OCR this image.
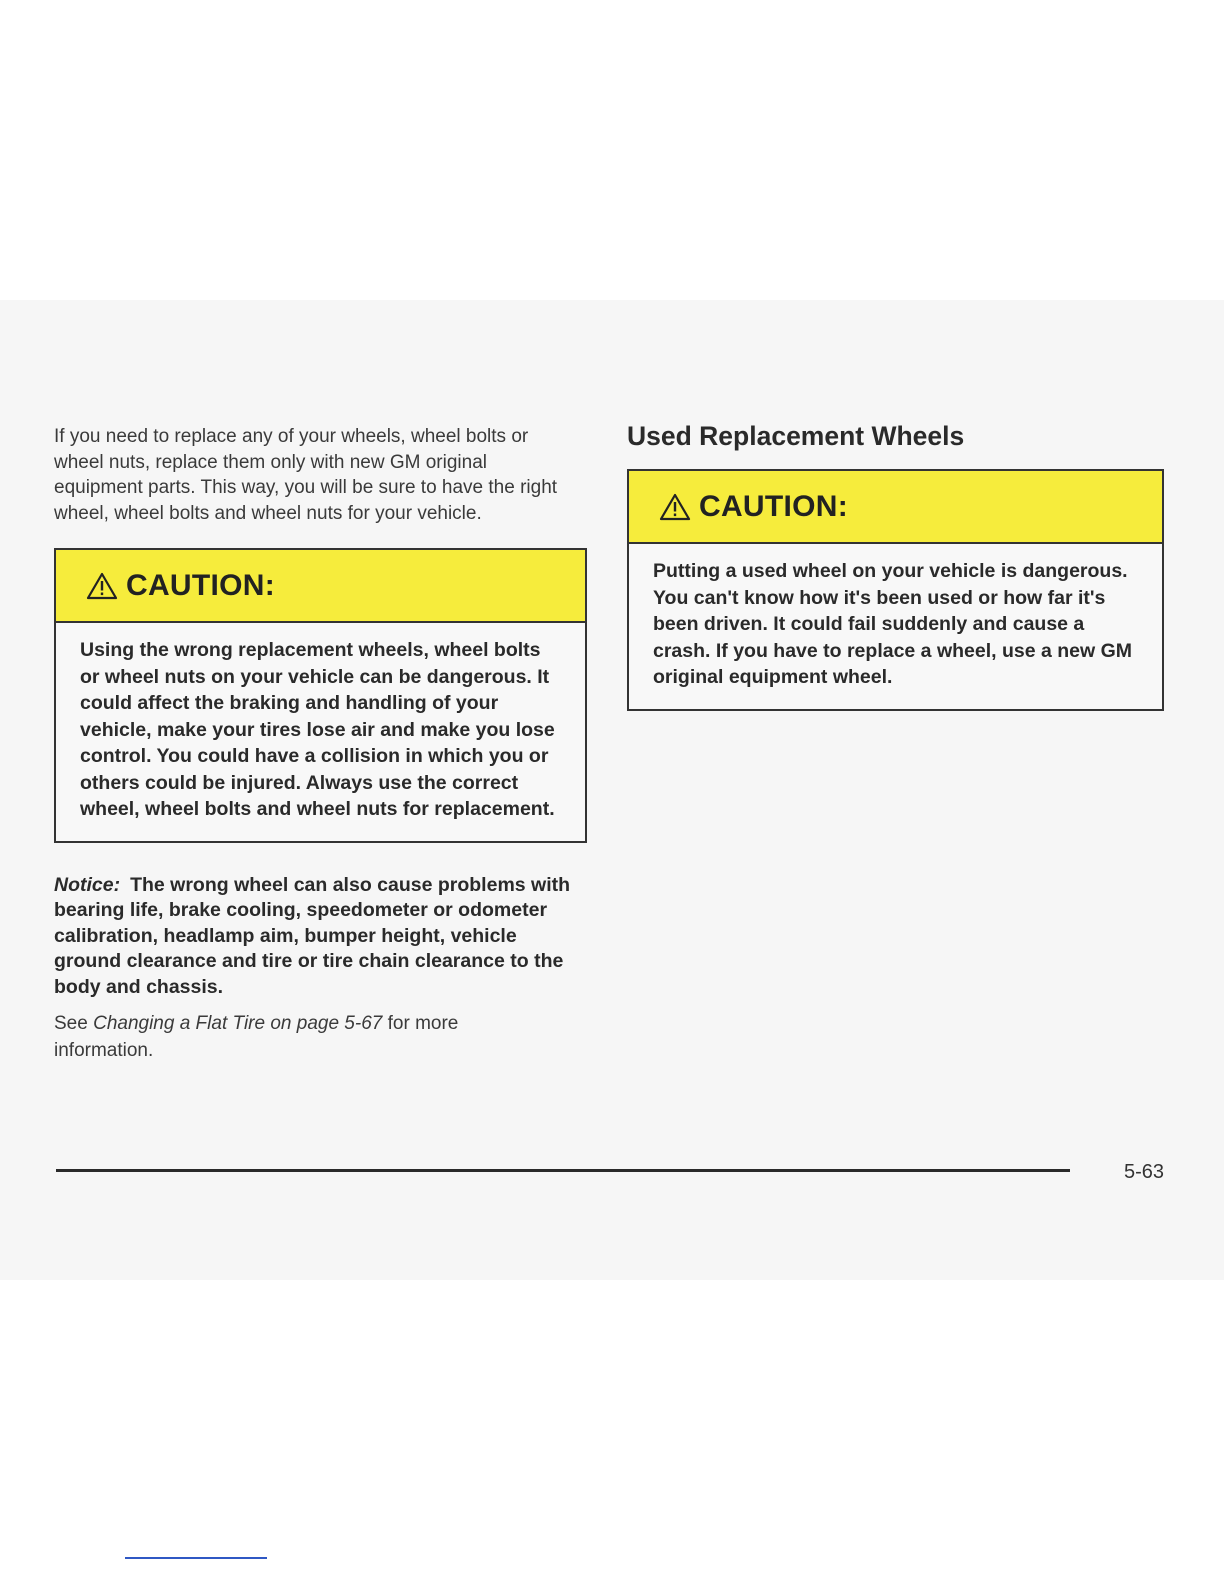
If you need to replace any of your wheels, wheel bolts or wheel nuts, replace them only with new GM original equipment parts. This way, you will be sure to have the right wheel, wheel bolts and wheel nuts for your vehicle.

CAUTION:
Using the wrong replacement wheels, wheel bolts or wheel nuts on your vehicle can be dangerous. It could affect the braking and handling of your vehicle, make your tires lose air and make you lose control. You could have a collision in which you or others could be injured. Always use the correct wheel, wheel bolts and wheel nuts for replacement.

Notice: The wrong wheel can also cause problems with bearing life, brake cooling, speedometer or odometer calibration, headlamp aim, bumper height, vehicle ground clearance and tire or tire chain clearance to the body and chassis.

See Changing a Flat Tire on page 5-67 for more information.

Used Replacement Wheels
CAUTION:
Putting a used wheel on your vehicle is dangerous. You can't know how it's been used or how far it's been driven. It could fail suddenly and cause a crash. If you have to replace a wheel, use a new GM original equipment wheel.
5-63
